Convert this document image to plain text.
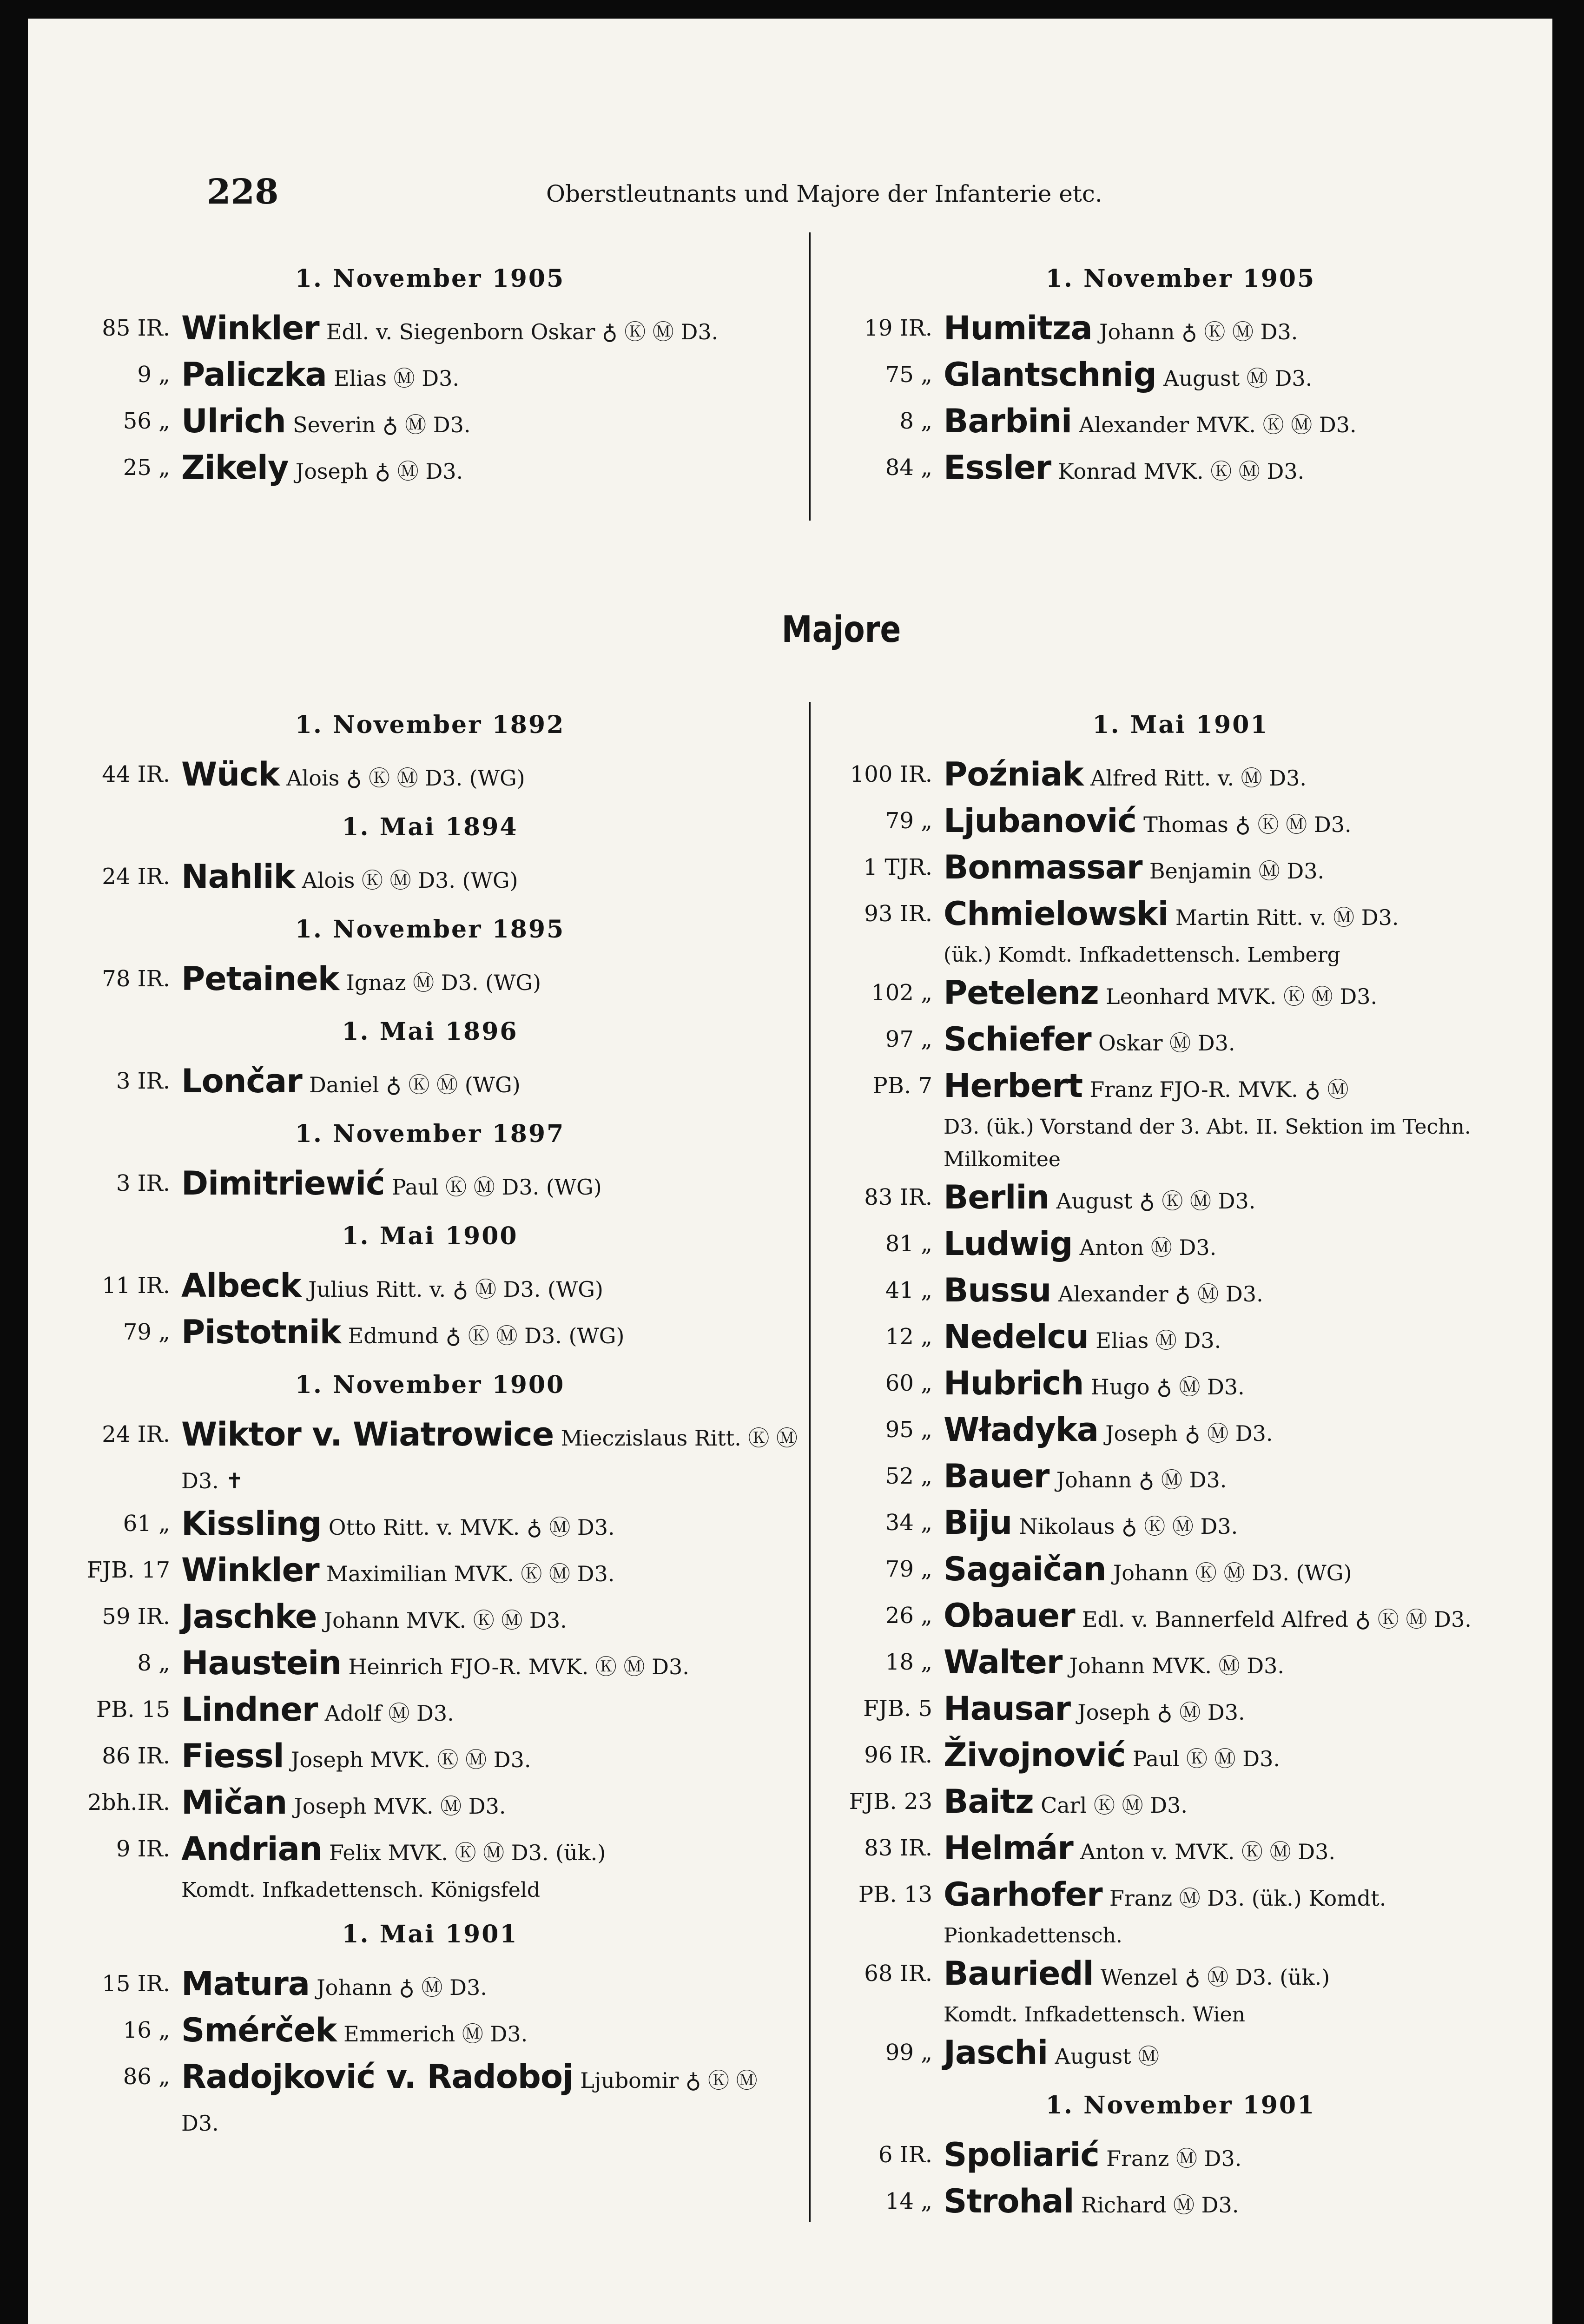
228	Oberstleutnants und Majore der Infanterie etc.
1. November 1905
85 IR. Winkler Edl. v. Siegenborn Oskar ♁ Ⓚ Ⓜ D3.
9 „ Paliczka Elias Ⓜ D3.
56 „ Ulrich Severin ♁ Ⓜ D3.
25 „ Zikely Joseph ♁ Ⓜ D3.
1. November 1905
19 IR. Humitza Johann ♁ Ⓚ Ⓜ D3.
75 „ Glantschnig August Ⓜ D3.
8 „ Barbini Alexander MVK. Ⓚ Ⓜ D3.
84 „ Essler Konrad MVK. Ⓚ Ⓜ D3.
Majore
1. November 1892
44 IR. Wück Alois ♁ Ⓚ Ⓜ D3. (WG)
1. Mai 1894
24 IR. Nahlik Alois Ⓚ Ⓜ D3. (WG)
1. November 1895
78 IR. Petainek Ignaz Ⓜ D3. (WG)
1. Mai 1896
3 IR. Lončar Daniel ♁ Ⓚ Ⓜ (WG)
1. November 1897
3 IR. Dimitriewić Paul Ⓚ Ⓜ D3. (WG)
1. Mai 1900
11 IR. Albeck Julius Ritt. v. ♁ Ⓜ D3. (WG)
79 „ Pistotnik Edmund ♁ Ⓚ Ⓜ D3. (WG)
1. November 1900
24 IR. Wiktor v. Wiatrowice Mieczislaus Ritt. Ⓚ Ⓜ D3. ✝
61 „ Kissling Otto Ritt. v. MVK. ♁ Ⓜ D3.
FJB. 17 Winkler Maximilian MVK. Ⓚ Ⓜ D3.
59 IR. Jaschke Johann MVK. Ⓚ Ⓜ D3.
8 „ Haustein Heinrich FJO-R. MVK. Ⓚ Ⓜ D3.
PB. 15 Lindner Adolf Ⓜ D3.
86 IR. Fiessl Joseph MVK. Ⓚ Ⓜ D3.
2bh.IR. Mičan Joseph MVK. Ⓜ D3.
9 IR. Andrian Felix MVK. Ⓚ Ⓜ D3. (ük.)
Komdt. Infkadettensch. Königsfeld
1. Mai 1901
15 IR. Matura Johann ♁ Ⓜ D3.
16 „ Smérček Emmerich Ⓜ D3.
86 „ Radojković v. Radoboj Ljubomir ♁ Ⓚ Ⓜ D3.
1. Mai 1901
100 IR. Poźniak Alfred Ritt. v. Ⓜ D3.
79 „ Ljubanović Thomas ♁ Ⓚ Ⓜ D3.
1 TJR. Bonmassar Benjamin Ⓜ D3.
93 IR. Chmielowski Martin Ritt. v. Ⓜ D3.
(ük.) Komdt. Infkadettensch. Lemberg
102 „ Petelenz Leonhard MVK. Ⓚ Ⓜ D3.
97 „ Schiefer Oskar Ⓜ D3.
PB. 7 Herbert Franz FJO-R. MVK. ♁ Ⓜ
D3. (ük.) Vorstand der 3. Abt. II. Sektion im Techn. Milkomitee
83 IR. Berlin August ♁ Ⓚ Ⓜ D3.
81 „ Ludwig Anton Ⓜ D3.
41 „ Bussu Alexander ♁ Ⓜ D3.
12 „ Nedelcu Elias Ⓜ D3.
60 „ Hubrich Hugo ♁ Ⓜ D3.
95 „ Władyka Joseph ♁ Ⓜ D3.
52 „ Bauer Johann ♁ Ⓜ D3.
34 „ Biju Nikolaus ♁ Ⓚ Ⓜ D3.
79 „ Sagaičan Johann Ⓚ Ⓜ D3. (WG)
26 „ Obauer Edl. v. Bannerfeld Alfred ♁ Ⓚ Ⓜ D3.
18 „ Walter Johann MVK. Ⓜ D3.
FJB. 5 Hausar Joseph ♁ Ⓜ D3.
96 IR. Živojnović Paul Ⓚ Ⓜ D3.
FJB. 23 Baitz Carl Ⓚ Ⓜ D3.
83 IR. Helmár Anton v. MVK. Ⓚ Ⓜ D3.
PB. 13 Garhofer Franz Ⓜ D3. (ük.) Komdt.
Pionkadettensch.
68 IR. Bauriedl Wenzel ♁ Ⓜ D3. (ük.)
Komdt. Infkadettensch. Wien
99 „ Jaschi August Ⓜ
1. November 1901
6 IR. Spoliarić Franz Ⓜ D3.
14 „ Strohal Richard Ⓜ D3.
